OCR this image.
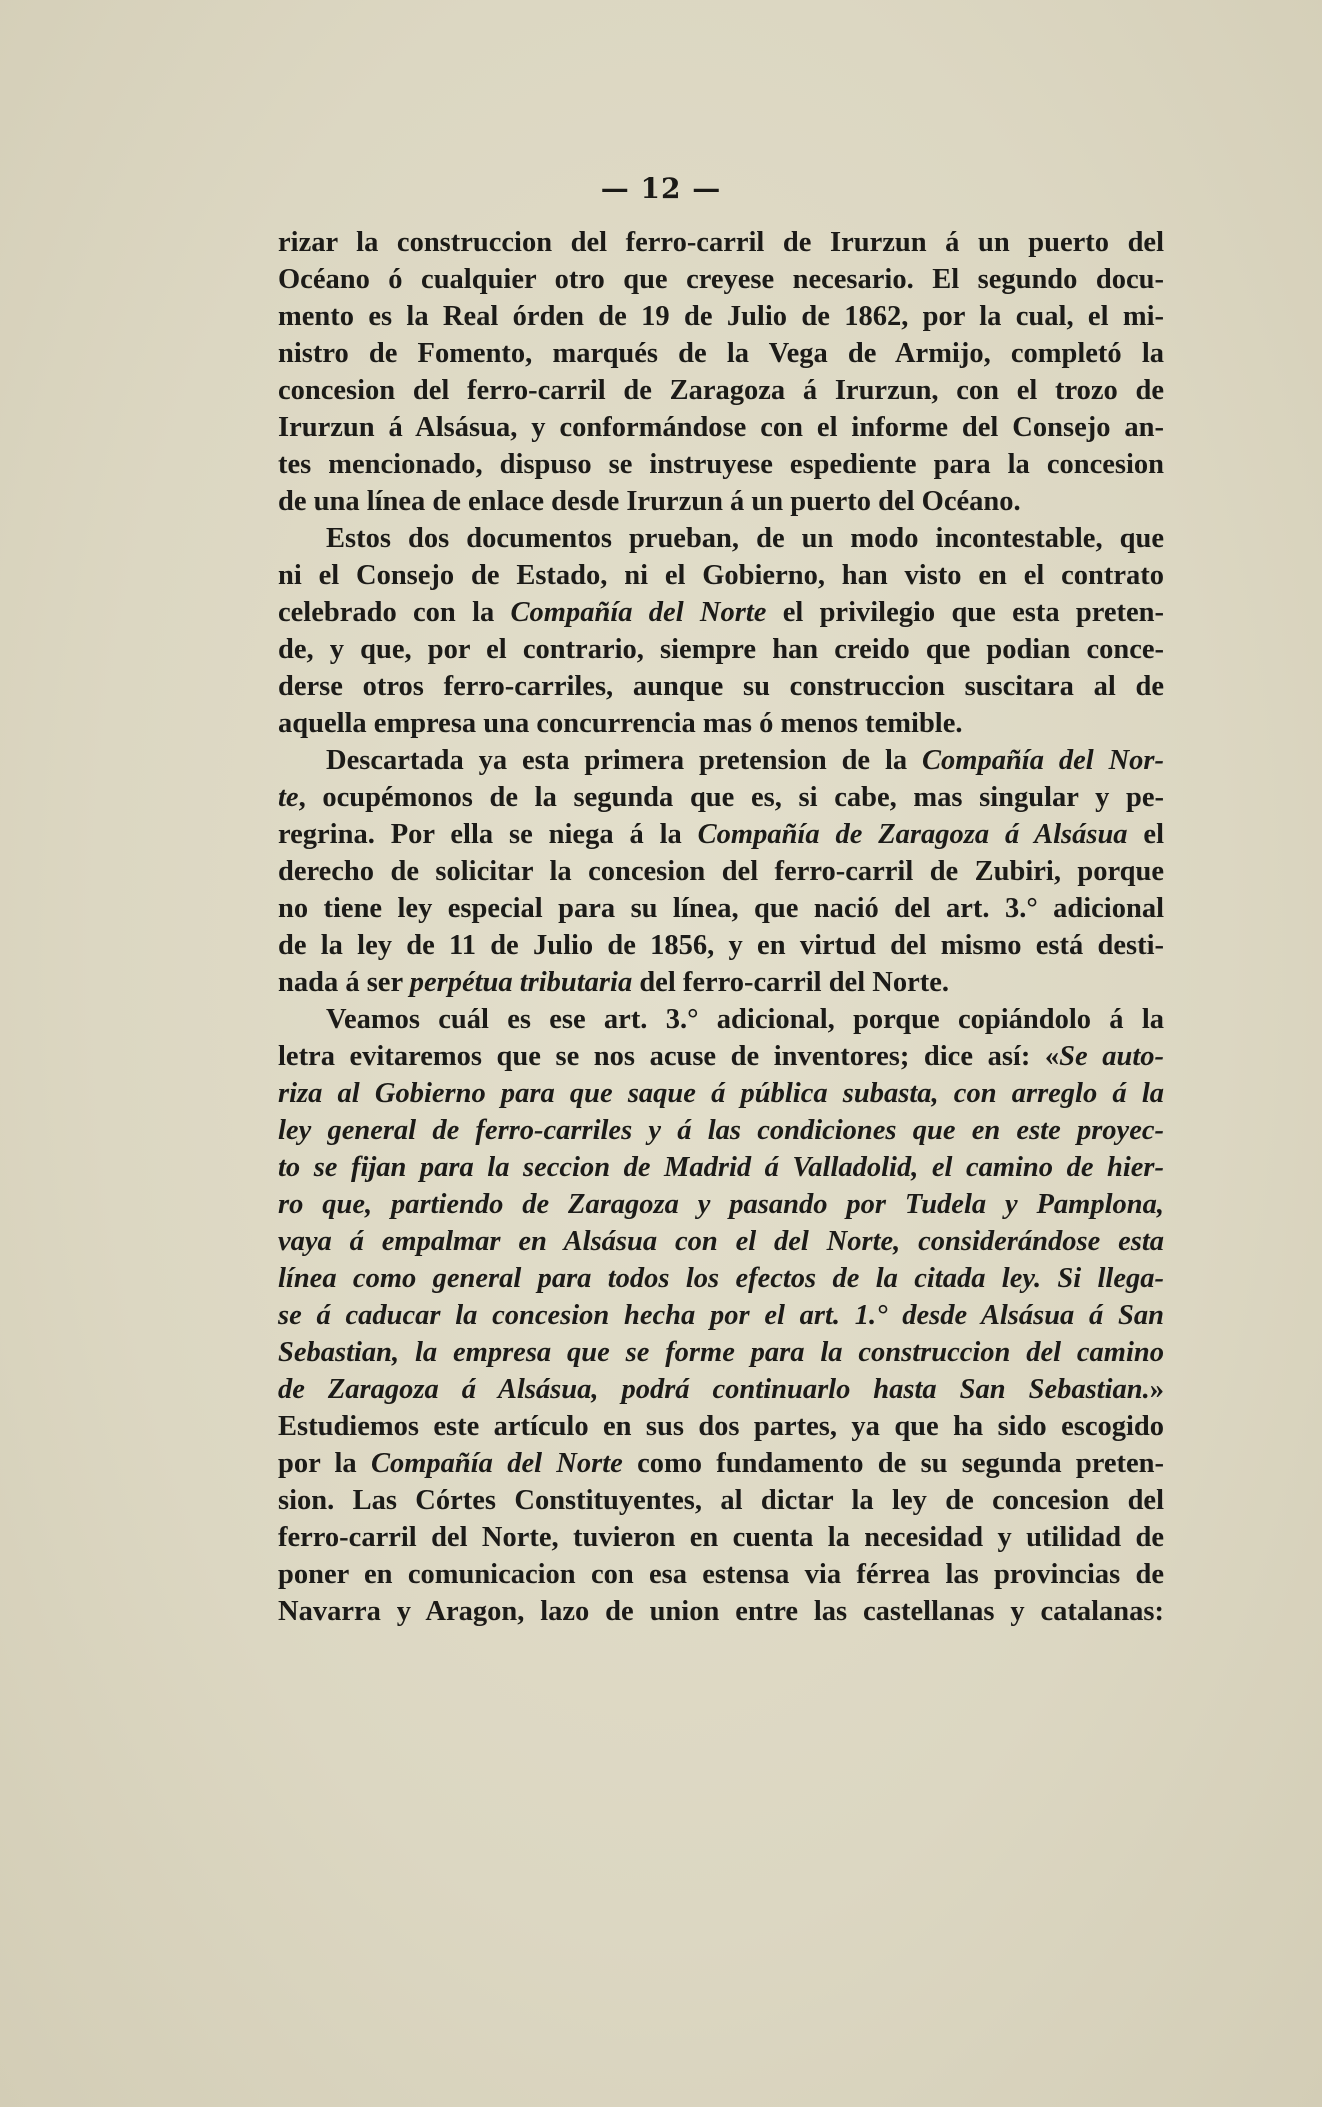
— 12 —
rizar la construccion del ferro-carril de Irurzun á un puerto del
Océano ó cualquier otro que creyese necesario. El segundo docu-
mento es la Real órden de 19 de Julio de 1862, por la cual, el mi-
nistro de Fomento, marqués de la Vega de Armijo, completó la
concesion del ferro-carril de Zaragoza á Irurzun, con el trozo de
Irurzun á Alsásua, y conformándose con el informe del Consejo an-
tes mencionado, dispuso se instruyese espediente para la concesion
de una línea de enlace desde Irurzun á un puerto del Océano.
Estos dos documentos prueban, de un modo incontestable, que
ni el Consejo de Estado, ni el Gobierno, han visto en el contrato
celebrado con la Compañía del Norte el privilegio que esta preten-
de, y que, por el contrario, siempre han creido que podian conce-
derse otros ferro-carriles, aunque su construccion suscitara al de
aquella empresa una concurrencia mas ó menos temible.
Descartada ya esta primera pretension de la Compañía del Nor-
te, ocupémonos de la segunda que es, si cabe, mas singular y pe-
regrina. Por ella se niega á la Compañía de Zaragoza á Alsásua el
derecho de solicitar la concesion del ferro-carril de Zubiri, porque
no tiene ley especial para su línea, que nació del art. 3.° adicional
de la ley de 11 de Julio de 1856, y en virtud del mismo está desti-
nada á ser perpétua tributaria del ferro-carril del Norte.
Veamos cuál es ese art. 3.° adicional, porque copiándolo á la
letra evitaremos que se nos acuse de inventores; dice así: «Se auto-
riza al Gobierno para que saque á pública subasta, con arreglo á la
ley general de ferro-carriles y á las condiciones que en este proyec-
to se fijan para la seccion de Madrid á Valladolid, el camino de hier-
ro que, partiendo de Zaragoza y pasando por Tudela y Pamplona,
vaya á empalmar en Alsásua con el del Norte, considerándose esta
línea como general para todos los efectos de la citada ley. Si llega-
se á caducar la concesion hecha por el art. 1.° desde Alsásua á San
Sebastian, la empresa que se forme para la construccion del camino
de Zaragoza á Alsásua, podrá continuarlo hasta San Sebastian.»
Estudiemos este artículo en sus dos partes, ya que ha sido escogido
por la Compañía del Norte como fundamento de su segunda preten-
sion. Las Córtes Constituyentes, al dictar la ley de concesion del
ferro-carril del Norte, tuvieron en cuenta la necesidad y utilidad de
poner en comunicacion con esa estensa via férrea las provincias de
Navarra y Aragon, lazo de union entre las castellanas y catalanas:
